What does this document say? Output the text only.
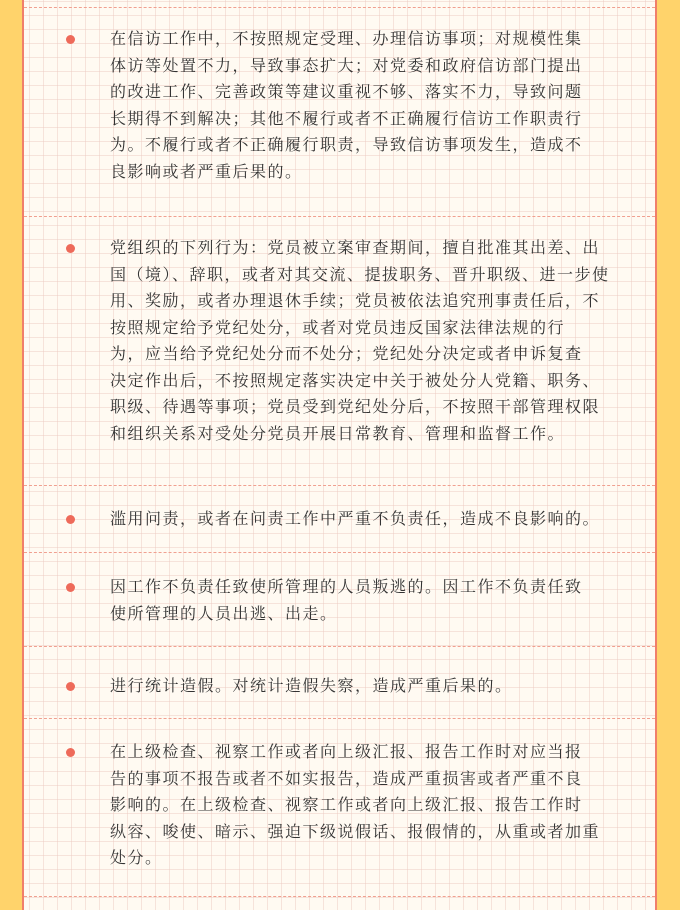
在信访工作中，不按照规定受理、办理信访事项；对规模性集
体访等处置不力，导致事态扩大；对党委和政府信访部门提出
的改进工作、完善政策等建议重视不够、落实不力，导致问题
长期得不到解决；其他不履行或者不正确履行信访工作职责行
为。不履行或者不正确履行职责，导致信访事项发生，造成不
良影响或者严重后果的。

党组织的下列行为：党员被立案审查期间，擅自批准其出差、出
国（境）、辞职，或者对其交流、提拔职务、晋升职级、进一步使
用、奖励，或者办理退休手续；党员被依法追究刑事责任后，不
按照规定给予党纪处分，或者对党员违反国家法律法规的行
为，应当给予党纪处分而不处分；党纪处分决定或者申诉复查
决定作出后，不按照规定落实决定中关于被处分人党籍、职务、
职级、待遇等事项；党员受到党纪处分后，不按照干部管理权限
和组织关系对受处分党员开展日常教育、管理和监督工作。

滥用问责，或者在问责工作中严重不负责任，造成不良影响的。

因工作不负责任致使所管理的人员叛逃的。因工作不负责任致
使所管理的人员出逃、出走。

进行统计造假。对统计造假失察，造成严重后果的。

在上级检查、视察工作或者向上级汇报、报告工作时对应当报
告的事项不报告或者不如实报告，造成严重损害或者严重不良
影响的。在上级检查、视察工作或者向上级汇报、报告工作时
纵容、唆使、暗示、强迫下级说假话、报假情的，从重或者加重
处分。
